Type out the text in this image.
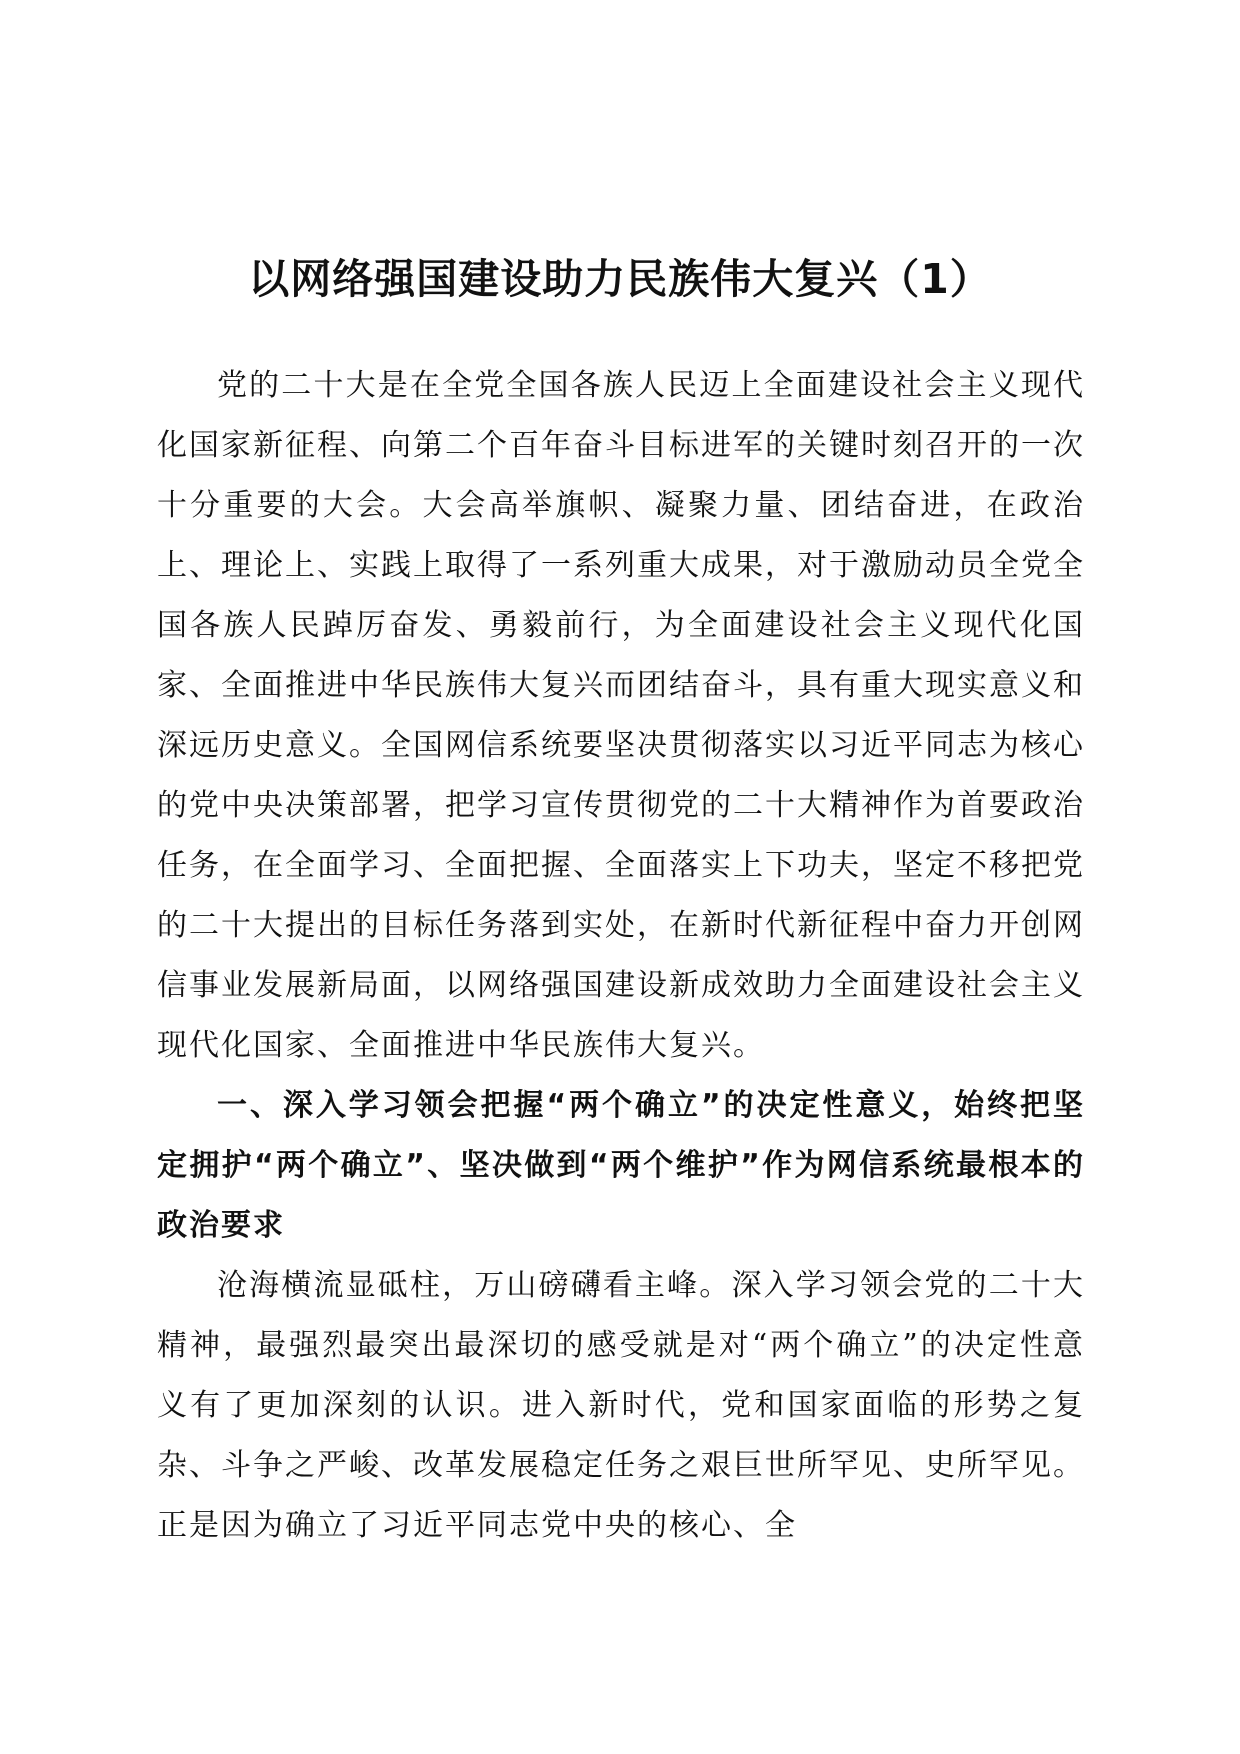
以网络强国建设助力民族伟大复兴（1）

党的二十大是在全党全国各族人民迈上全面建设社会主义现代化国家新征程、向第二个百年奋斗目标进军的关键时刻召开的一次十分重要的大会。大会高举旗帜、凝聚力量、团结奋进，在政治上、理论上、实践上取得了一系列重大成果，对于激励动员全党全国各族人民踔厉奋发、勇毅前行，为全面建设社会主义现代化国家、全面推进中华民族伟大复兴而团结奋斗，具有重大现实意义和深远历史意义。全国网信系统要坚决贯彻落实以习近平同志为核心的党中央决策部署，把学习宣传贯彻党的二十大精神作为首要政治任务，在全面学习、全面把握、全面落实上下功夫，坚定不移把党的二十大提出的目标任务落到实处，在新时代新征程中奋力开创网信事业发展新局面，以网络强国建设新成效助力全面建设社会主义现代化国家、全面推进中华民族伟大复兴。

一、深入学习领会把握“两个确立”的决定性意义，始终把坚定拥护“两个确立”、坚决做到“两个维护”作为网信系统最根本的政治要求

沧海横流显砥柱，万山磅礴看主峰。深入学习领会党的二十大精神，最强烈最突出最深切的感受就是对“两个确立”的决定性意义有了更加深刻的认识。进入新时代，党和国家面临的形势之复杂、斗争之严峻、改革发展稳定任务之艰巨世所罕见、史所罕见。正是因为确立了习近平同志党中央的核心、全
